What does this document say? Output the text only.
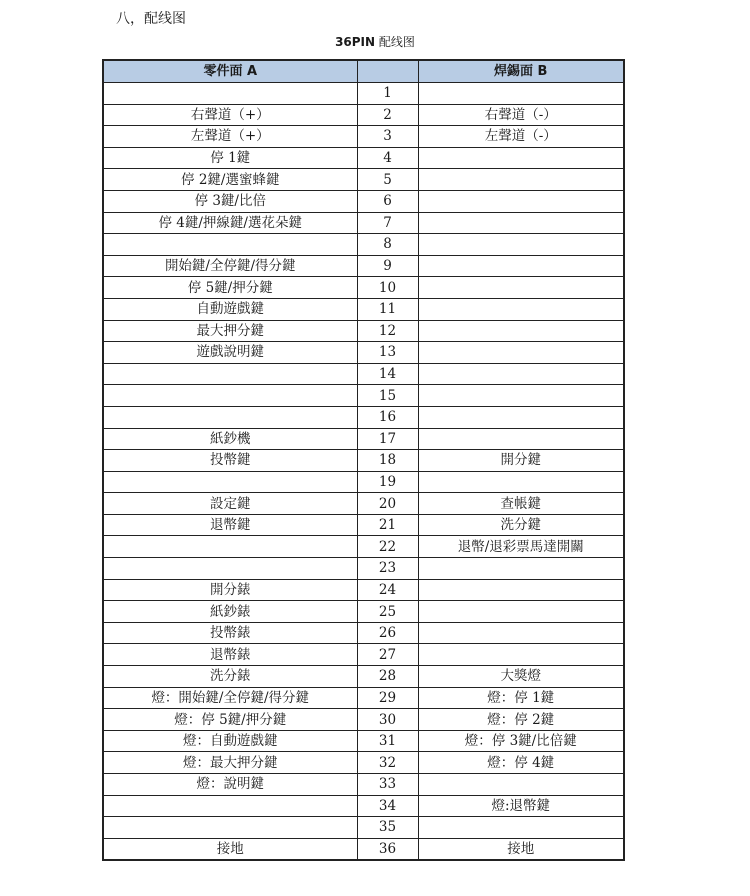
八，配线图
36PIN 配线图
零件面 A		焊錫面 B
	1	
右聲道（+）	2	右聲道（-）
左聲道（+）	3	左聲道（-）
停 1鍵	4	
停 2鍵/選蜜蜂鍵	5	
停 3鍵/比倍	6	
停 4鍵/押線鍵/選花朵鍵	7	
	8	
開始鍵/全停鍵/得分鍵	9	
停 5鍵/押分鍵	10	
自動遊戲鍵	11	
最大押分鍵	12	
遊戲說明鍵	13	
	14	
	15	
	16	
紙鈔機	17	
投幣鍵	18	開分鍵
	19	
設定鍵	20	查帳鍵
退幣鍵	21	洗分鍵
	22	退幣/退彩票馬達開關
	23	
開分錶	24	
紙鈔錶	25	
投幣錶	26	
退幣錶	27	
洗分錶	28	大獎燈
燈：開始鍵/全停鍵/得分鍵	29	燈：停 1鍵
燈：停 5鍵/押分鍵	30	燈：停 2鍵
燈：自動遊戲鍵	31	燈：停 3鍵/比倍鍵
燈：最大押分鍵	32	燈：停 4鍵
燈：說明鍵	33	
	34	燈:退幣鍵
	35	
接地	36	接地
